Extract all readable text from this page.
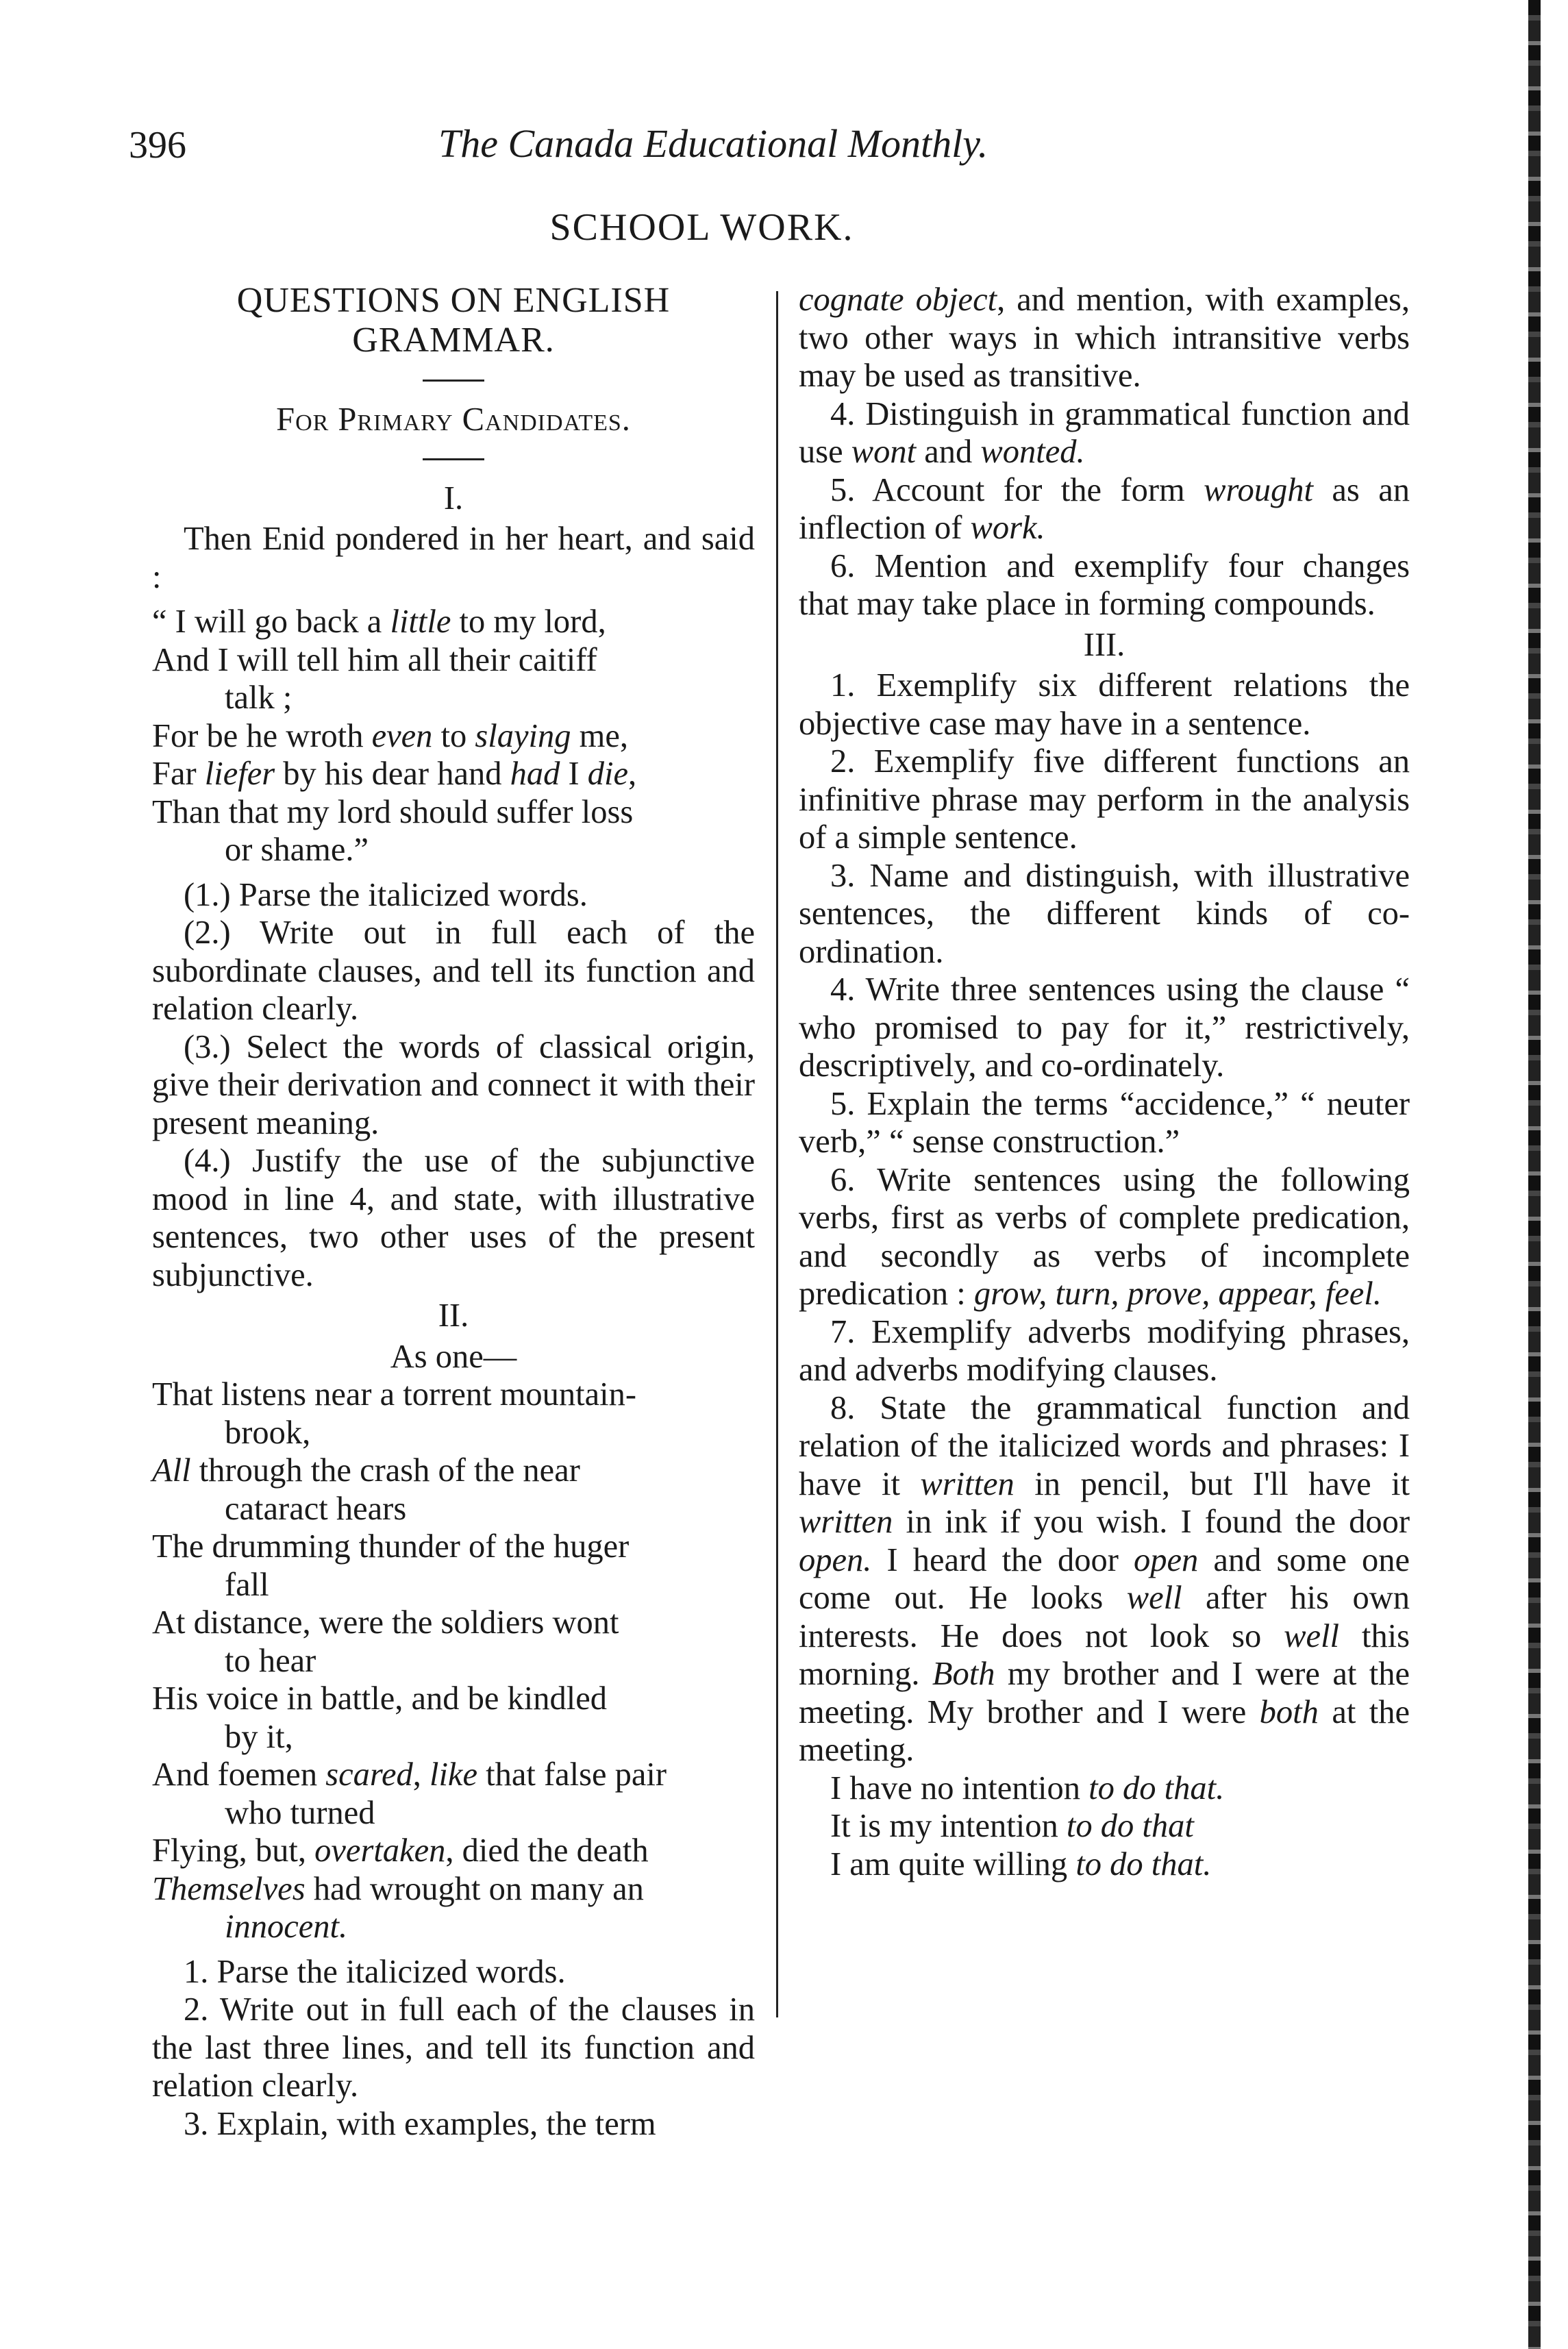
396	The Canada Educational Monthly.
SCHOOL WORK.
QUESTIONS ON ENGLISH
GRAMMAR.
For Primary Candidates.
I.

Then Enid pondered in her heart, and said :

“ I will go back a little to my lord,

And I will tell him all their caitiff

talk ;

For be he wroth even to slaying me,

Far liefer by his dear hand had I die,

Than that my lord should suffer loss

or shame.”

(1.) Parse the italicized words.

(2.) Write out in full each of the subordinate clauses, and tell its function and relation clearly.

(3.) Select the words of classical origin, give their derivation and connect it with their present meaning.

(4.) Justify the use of the subjunctive mood in line 4, and state, with illustrative sentences, two other uses of the present subjunctive.

II.
As one—

That listens near a torrent mountain-

brook,

All through the crash of the near

cataract hears

The drumming thunder of the huger

fall

At distance, were the soldiers wont

to hear

His voice in battle, and be kindled

by it,

And foemen scared, like that false pair

who turned

Flying, but, overtaken, died the death

Themselves had wrought on many an

innocent.

1. Parse the italicized words.

2. Write out in full each of the clauses in the last three lines, and tell its function and relation clearly.

3. Explain, with examples, the term

cognate object, and mention, with examples, two other ways in which intransitive verbs may be used as transitive.

4. Distinguish in grammatical function and use wont and wonted.

5. Account for the form wrought as an inflection of work.

6. Mention and exemplify four changes that may take place in forming compounds.

III.

1. Exemplify six different relations the objective case may have in a sentence.

2. Exemplify five different functions an infinitive phrase may perform in the analysis of a simple sentence.

3. Name and distinguish, with illustrative sentences, the different kinds of co-ordination.

4. Write three sentences using the clause “ who promised to pay for it,” restrictively, descriptively, and co-ordinately.

5. Explain the terms “accidence,” “ neuter verb,” “ sense construction.”

6. Write sentences using the following verbs, first as verbs of complete predication, and secondly as verbs of incomplete predication : grow, turn, prove, appear, feel.

7. Exemplify adverbs modifying phrases, and adverbs modifying clauses.

8. State the grammatical function and relation of the italicized words and phrases: I have it written in pencil, but I'll have it written in ink if you wish. I found the door open. I heard the door open and some one come out. He looks well after his own interests. He does not look so well this morning. Both my brother and I were at the meeting. My brother and I were both at the meeting.

I have no intention to do that.

It is my intention to do that

I am quite willing to do that.
